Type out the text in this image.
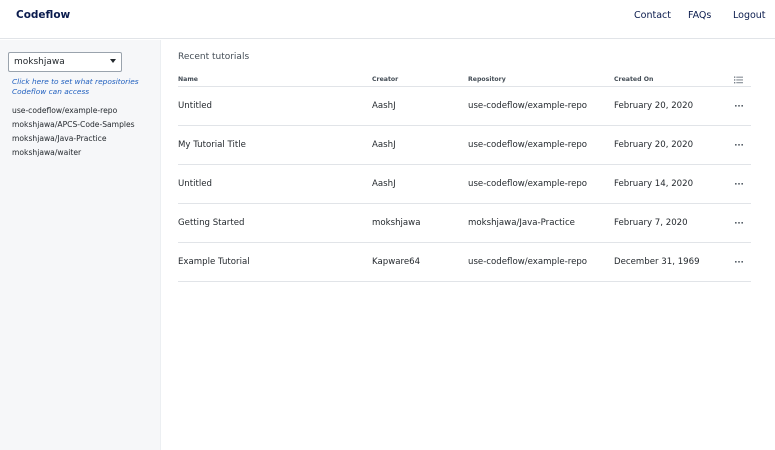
Codeflow	Contact FAQs Logout
mokshjawa
Click here to set what repositories Codeflow can access
use-codeflow/example-repo
mokshjawa/APCS-Code-Samples
mokshjawa/Java-Practice
mokshjawa/waiter
Recent tutorials
Name	Creator	Repository	Created On
Untitled	AashJ	use-codeflow/example-repo	February 20, 2020
My Tutorial Title	AashJ	use-codeflow/example-repo	February 20, 2020
Untitled	AashJ	use-codeflow/example-repo	February 14, 2020
Getting Started	mokshjawa	mokshjawa/Java-Practice	February 7, 2020
Example Tutorial	Kapware64	use-codeflow/example-repo	December 31, 1969
